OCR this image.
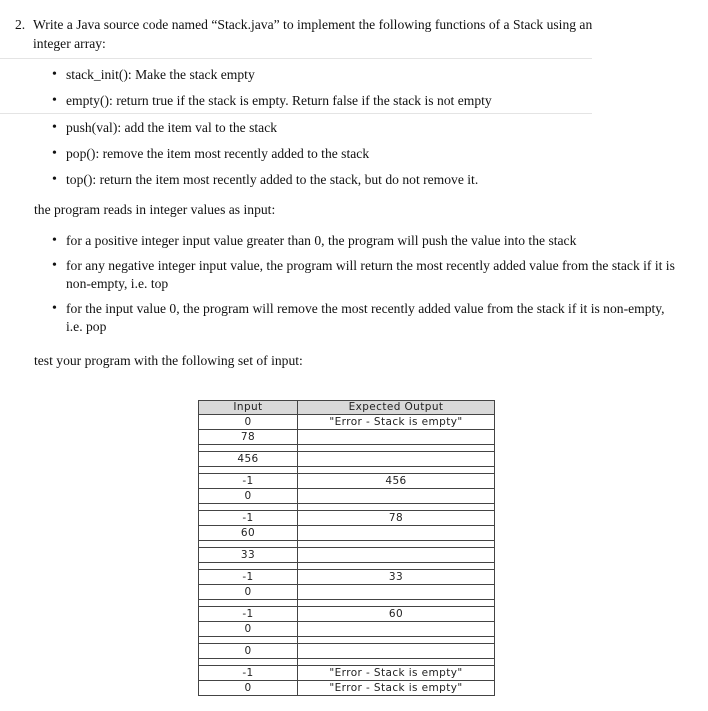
2. Write a Java source code named “Stack.java” to implement the following functions of a Stack using an
integer array:
• stack_init(): Make the stack empty
• empty(): return true if the stack is empty. Return false if the stack is not empty
• push(val): add the item val to the stack
• pop(): remove the item most recently added to the stack
• top(): return the item most recently added to the stack, but do not remove it.
the program reads in integer values as input:
• for a positive integer input value greater than 0, the program will push the value into the stack
• for any negative integer input value, the program will return the most recently added value from the stack if it is non-empty, i.e. top
• for the input value 0, the program will remove the most recently added value from the stack if it is non-empty, i.e. pop
test your program with the following set of input:
Input	Expected Output
0	"Error - Stack is empty"
78	

456	

-1	456
0	

-1	78
60	

33	

-1	33
0	

-1	60
0	

0	

-1	"Error - Stack is empty"
0	"Error - Stack is empty"
